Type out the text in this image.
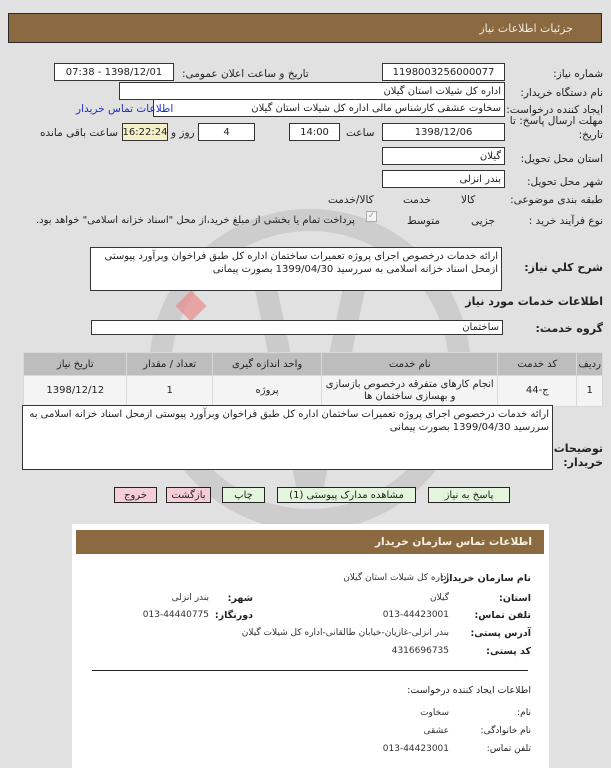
جزئیات اطلاعات نیاز
شماره نیاز:
1198003256000077
تاریخ و ساعت اعلان عمومی:
1398/12/01 - 07:38
نام دستگاه خریدار:
اداره کل شیلات استان گیلان
ایجاد کننده درخواست:
سخاوت عشقی کارشناس مالی اداره کل شیلات استان گیلان
اطلاعات تماس خریدار
مهلت ارسال پاسخ: تا
تاریخ:
1398/12/06
ساعت
14:00
4
روز و
16:22:24
ساعت باقی مانده
استان محل تحویل:
گیلان
شهر محل تحویل:
بندر انزلی
طبقه بندی موضوعی:

کالا

خدمت

کالا/خدمت
نوع فرآیند خرید :

جزیی
متوسط
✓
پرداخت تمام یا بخشی از مبلغ خرید،از محل "اسناد خزانه اسلامی" خواهد بود.
شرح کلي نياز:
ارائه خدمات درخصوص اجرای پروژه تعمیرات ساختمان اداره کل طبق فراخوان وبرآورد پیوستی ازمحل اسناد خزانه اسلامی به سررسید 1399/04/30 بصورت پیمانی
اطلاعات خدمات مورد نیاز
گروه خدمت:
ساختمان
ردیف	کد خدمت	نام خدمت	واحد اندازه گیری	تعداد / مقدار	تاریخ نیاز
1	ج-44	انجام کارهای متفرقه درخصوص بازسازی و بهسازی ساختمان ها	پروژه	1	1398/12/12
توضیحات
خریدار:
ارائه خدمات درخصوص اجرای پروژه تعمیرات ساختمان اداره کل طبق فراخوان وبرآورد پیوستی ازمحل اسناد خزانه اسلامی به سررسید 1399/04/30 بصورت پیمانی
پاسخ به نیاز
مشاهده مدارک پیوستی (1)
چاپ
بازگشت
خروج
اطلاعات تماس سازمان خریدار
نام سازمان خریدار:
اداره کل شیلات استان گیلان
استان:
گیلان
شهر:
بندر انزلی
تلفن تماس:
013-44423001
دورنگار:
013-44440775
آدرس پستی:
بندر انزلی-غازیان-خیابان طالقانی-اداره کل شیلات گیلان
کد پستی:
4316696735
اطلاعات ایجاد کننده درخواست:
نام:
سخاوت
نام خانوادگی:
عشقی
تلفن تماس:
013-44423001
